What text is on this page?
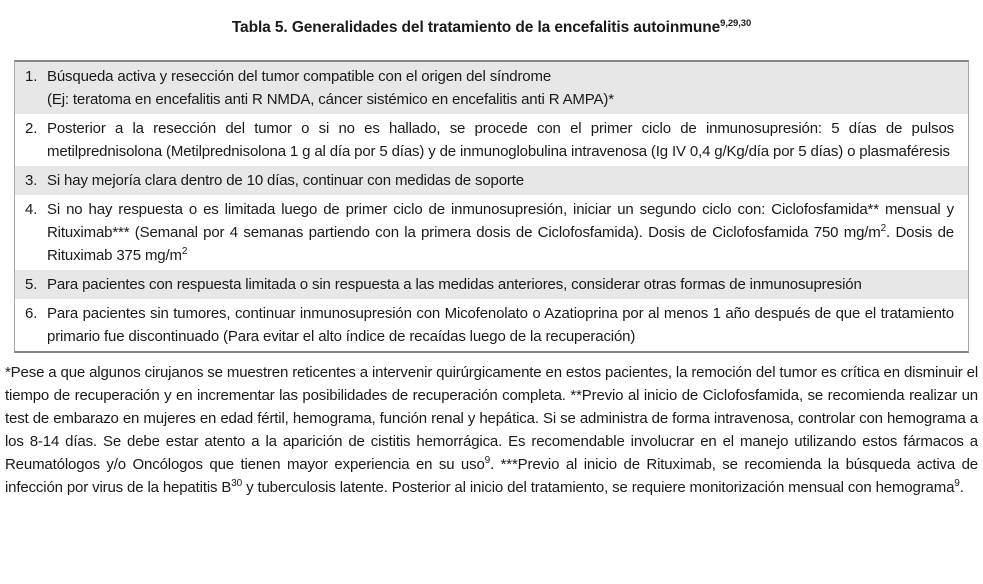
Tabla 5. Generalidades del tratamiento de la encefalitis autoinmune$^{9,29,30}$
1. Búsqueda activa y resección del tumor compatible con el origen del síndrome
(Ej: teratoma en encefalitis anti R NMDA, cáncer sistémico en encefalitis anti R AMPA)*
2. Posterior a la resección del tumor o si no es hallado, se procede con el primer ciclo de inmunosupresión: 5 días de pulsos metilprednisolona (Metilprednisolona 1 g al día por 5 días) y de inmunoglobulina intravenosa (Ig IV 0,4 g/Kg/día por 5 días) o plasmaféresis
3. Si hay mejoría clara dentro de 10 días, continuar con medidas de soporte
4. Si no hay respuesta o es limitada luego de primer ciclo de inmunosupresión, iniciar un segundo ciclo con: Ciclofosfamida** mensual y Rituximab*** (Semanal por 4 semanas partiendo con la primera dosis de Ciclofosfamida). Dosis de Ciclofosfamida 750 $mg/m^2$. Dosis de Rituximab 375 $mg/m^2$
5. Para pacientes con respuesta limitada o sin respuesta a las medidas anteriores, considerar otras formas de inmunosupresión
6. Para pacientes sin tumores, continuar inmunosupresión con Micofenolato o Azatioprina por al menos 1 año después de que el tratamiento primario fue discontinuado (Para evitar el alto índice de recaídas luego de la recuperación)
*Pese a que algunos cirujanos se muestren reticentes a intervenir quirúrgicamente en estos pacientes, la remoción del tumor es crítica en disminuir el tiempo de recuperación y en incrementar las posibilidades de recuperación completa. **Previo al inicio de Ciclofosfamida, se recomienda realizar un test de embarazo en mujeres en edad fértil, hemograma, función renal y hepática. Si se administra de forma intravenosa, controlar con hemograma a los 8-14 días. Se debe estar atento a la aparición de cistitis hemorrágica. Es recomendable involucrar en el manejo utilizando estos fármacos a Reumatólogos y/o Oncólogos que tienen mayor experiencia en su uso$^9$. ***Previo al inicio de Rituximab, se recomienda la búsqueda activa de infección por virus de la hepatitis $B^{30}$ y tuberculosis latente. Posterior al inicio del tratamiento, se requiere monitorización mensual con hemograma$^9$.
